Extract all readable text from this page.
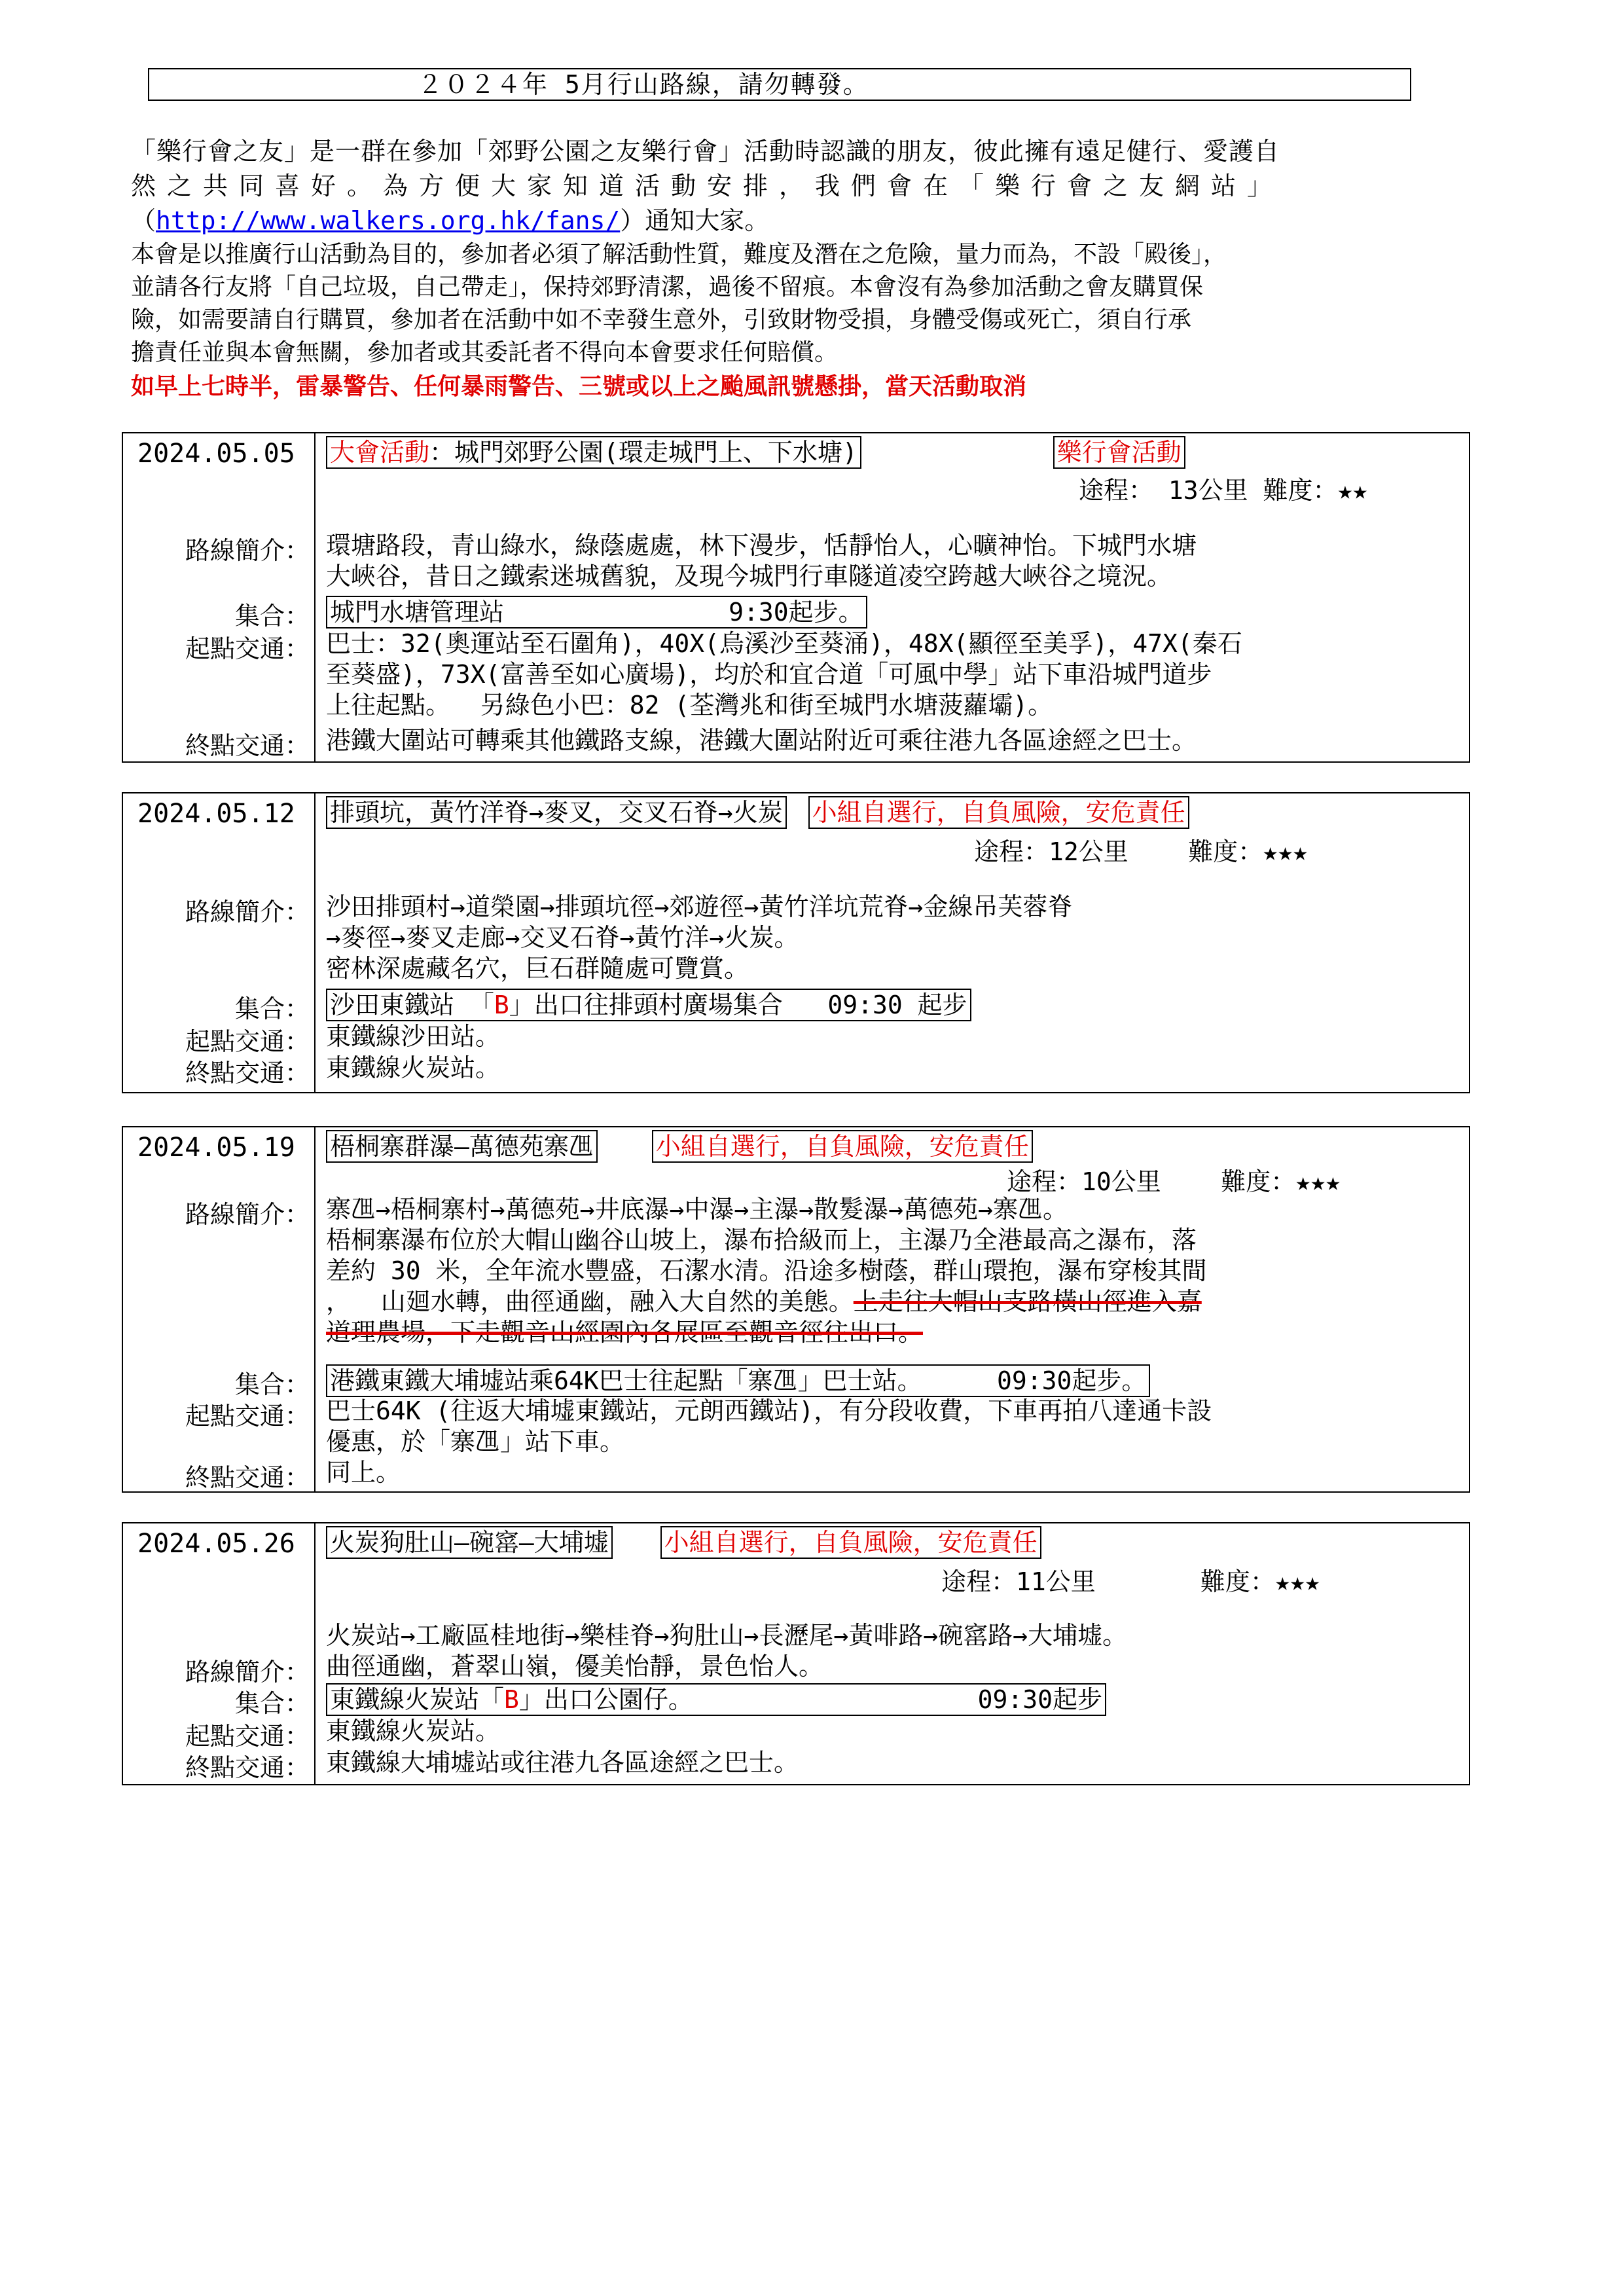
２０２４年 5月行山路線，請勿轉發。

「樂行會之友」是一群在參加「郊野公園之友樂行會」活動時認識的朋友，彼此擁有遠足健行、愛護自

然之共同喜好。為方便大家知道活動安排，我們會在「樂行會之友網站」

（http://www.walkers.org.hk/fans/）通知大家。

本會是以推廣行山活動為目的，參加者必須了解活動性質，難度及潛在之危險，量力而為，不設「殿後」，

並請各行友將「自己垃圾，自己帶走」，保持郊野清潔，過後不留痕。本會沒有為參加活動之會友購買保

險，如需要請自行購買，參加者在活動中如不幸發生意外，引致財物受損，身體受傷或死亡，須自行承

擔責任並與本會無關，參加者或其委託者不得向本會要求任何賠償。

如早上七時半，雷暴警告、任何暴雨警告、三號或以上之颱風訊號懸掛，當天活動取消

2024.05.05 大會活動：城門郊野公園(環走城門上、下水塘)	樂行會活動
途程： 13公里 難度：★★
路線簡介： 環塘路段，青山綠水，綠蔭處處，林下漫步，恬靜怡人，心曠神怡。下城門水塘

大峽谷，昔日之鐵索迷城舊貌，及現今城門行車隧道凌空跨越大峽谷之境況。

集合： 城門水塘管理站               9:30起步。
起點交通： 巴士：32(奧運站至石圍角)，40X(烏溪沙至葵涌)，48X(顯徑至美孚)，47X(秦石

至葵盛)，73X(富善至如心廣場)，均於和宜合道「可風中學」站下車沿城門道步

上往起點。  另綠色小巴：82 (荃灣兆和街至城門水塘菠蘿壩)。

終點交通： 港鐵大圍站可轉乘其他鐵路支線，港鐵大圍站附近可乘往港九各區途經之巴士。

2024.05.12 排頭坑，黃竹洋脊→麥叉，交叉石脊→火炭 小組自選行，自負風險，安危責任
途程：12公里    難度：★★★
路線簡介： 沙田排頭村→道榮園→排頭坑徑→郊遊徑→黃竹洋坑荒脊→金線吊芙蓉脊

→麥徑→麥叉走廊→交叉石脊→黃竹洋→火炭。

密林深處藏名穴，巨石群隨處可覽賞。

集合： 沙田東鐵站 「B」出口往排頭村廣場集合   09:30 起步
起點交通： 東鐵線沙田站。

終點交通： 東鐵線火炭站。

2024.05.19 梧桐寨群瀑—萬德苑寨乪 小組自選行，自負風險，安危責任
途程：10公里    難度：★★★
路線簡介： 寨乪→梧桐寨村→萬德苑→井底瀑→中瀑→主瀑→散髮瀑→萬德苑→寨乪。

梧桐寨瀑布位於大帽山幽谷山坡上，瀑布拾級而上，主瀑乃全港最高之瀑布，落

差約 30 米，全年流水豐盛，石潔水清。沿途多樹蔭，群山環抱，瀑布穿梭其間

，  山廻水轉，曲徑通幽，融入大自然的美態。上走往大帽山支路橫山徑進入嘉

道理農場，下走觀音山經園內各展區至觀音徑往出口。

集合： 港鐵東鐵大埔墟站乘64K巴士往起點「寨乪」巴士站。     09:30起步。
起點交通： 巴士64K (往返大埔墟東鐵站，元朗西鐵站)，有分段收費，下車再拍八達通卡設

優惠，於「寨乪」站下車。

終點交通： 同上。

2024.05.26 火炭狗肚山—碗窰—大埔墟 小組自選行，自負風險，安危責任
途程：11公里       難度：★★★
路線簡介：

火炭站→工廠區桂地街→樂桂脊→狗肚山→長瀝尾→黃啡路→碗窰路→大埔墟。

曲徑通幽，蒼翠山嶺，優美怡靜，景色怡人。

集合： 東鐵線火炭站「B」出口公園仔。                   09:30起步
起點交通： 東鐵線火炭站。

終點交通： 東鐵線大埔墟站或往港九各區途經之巴士。
